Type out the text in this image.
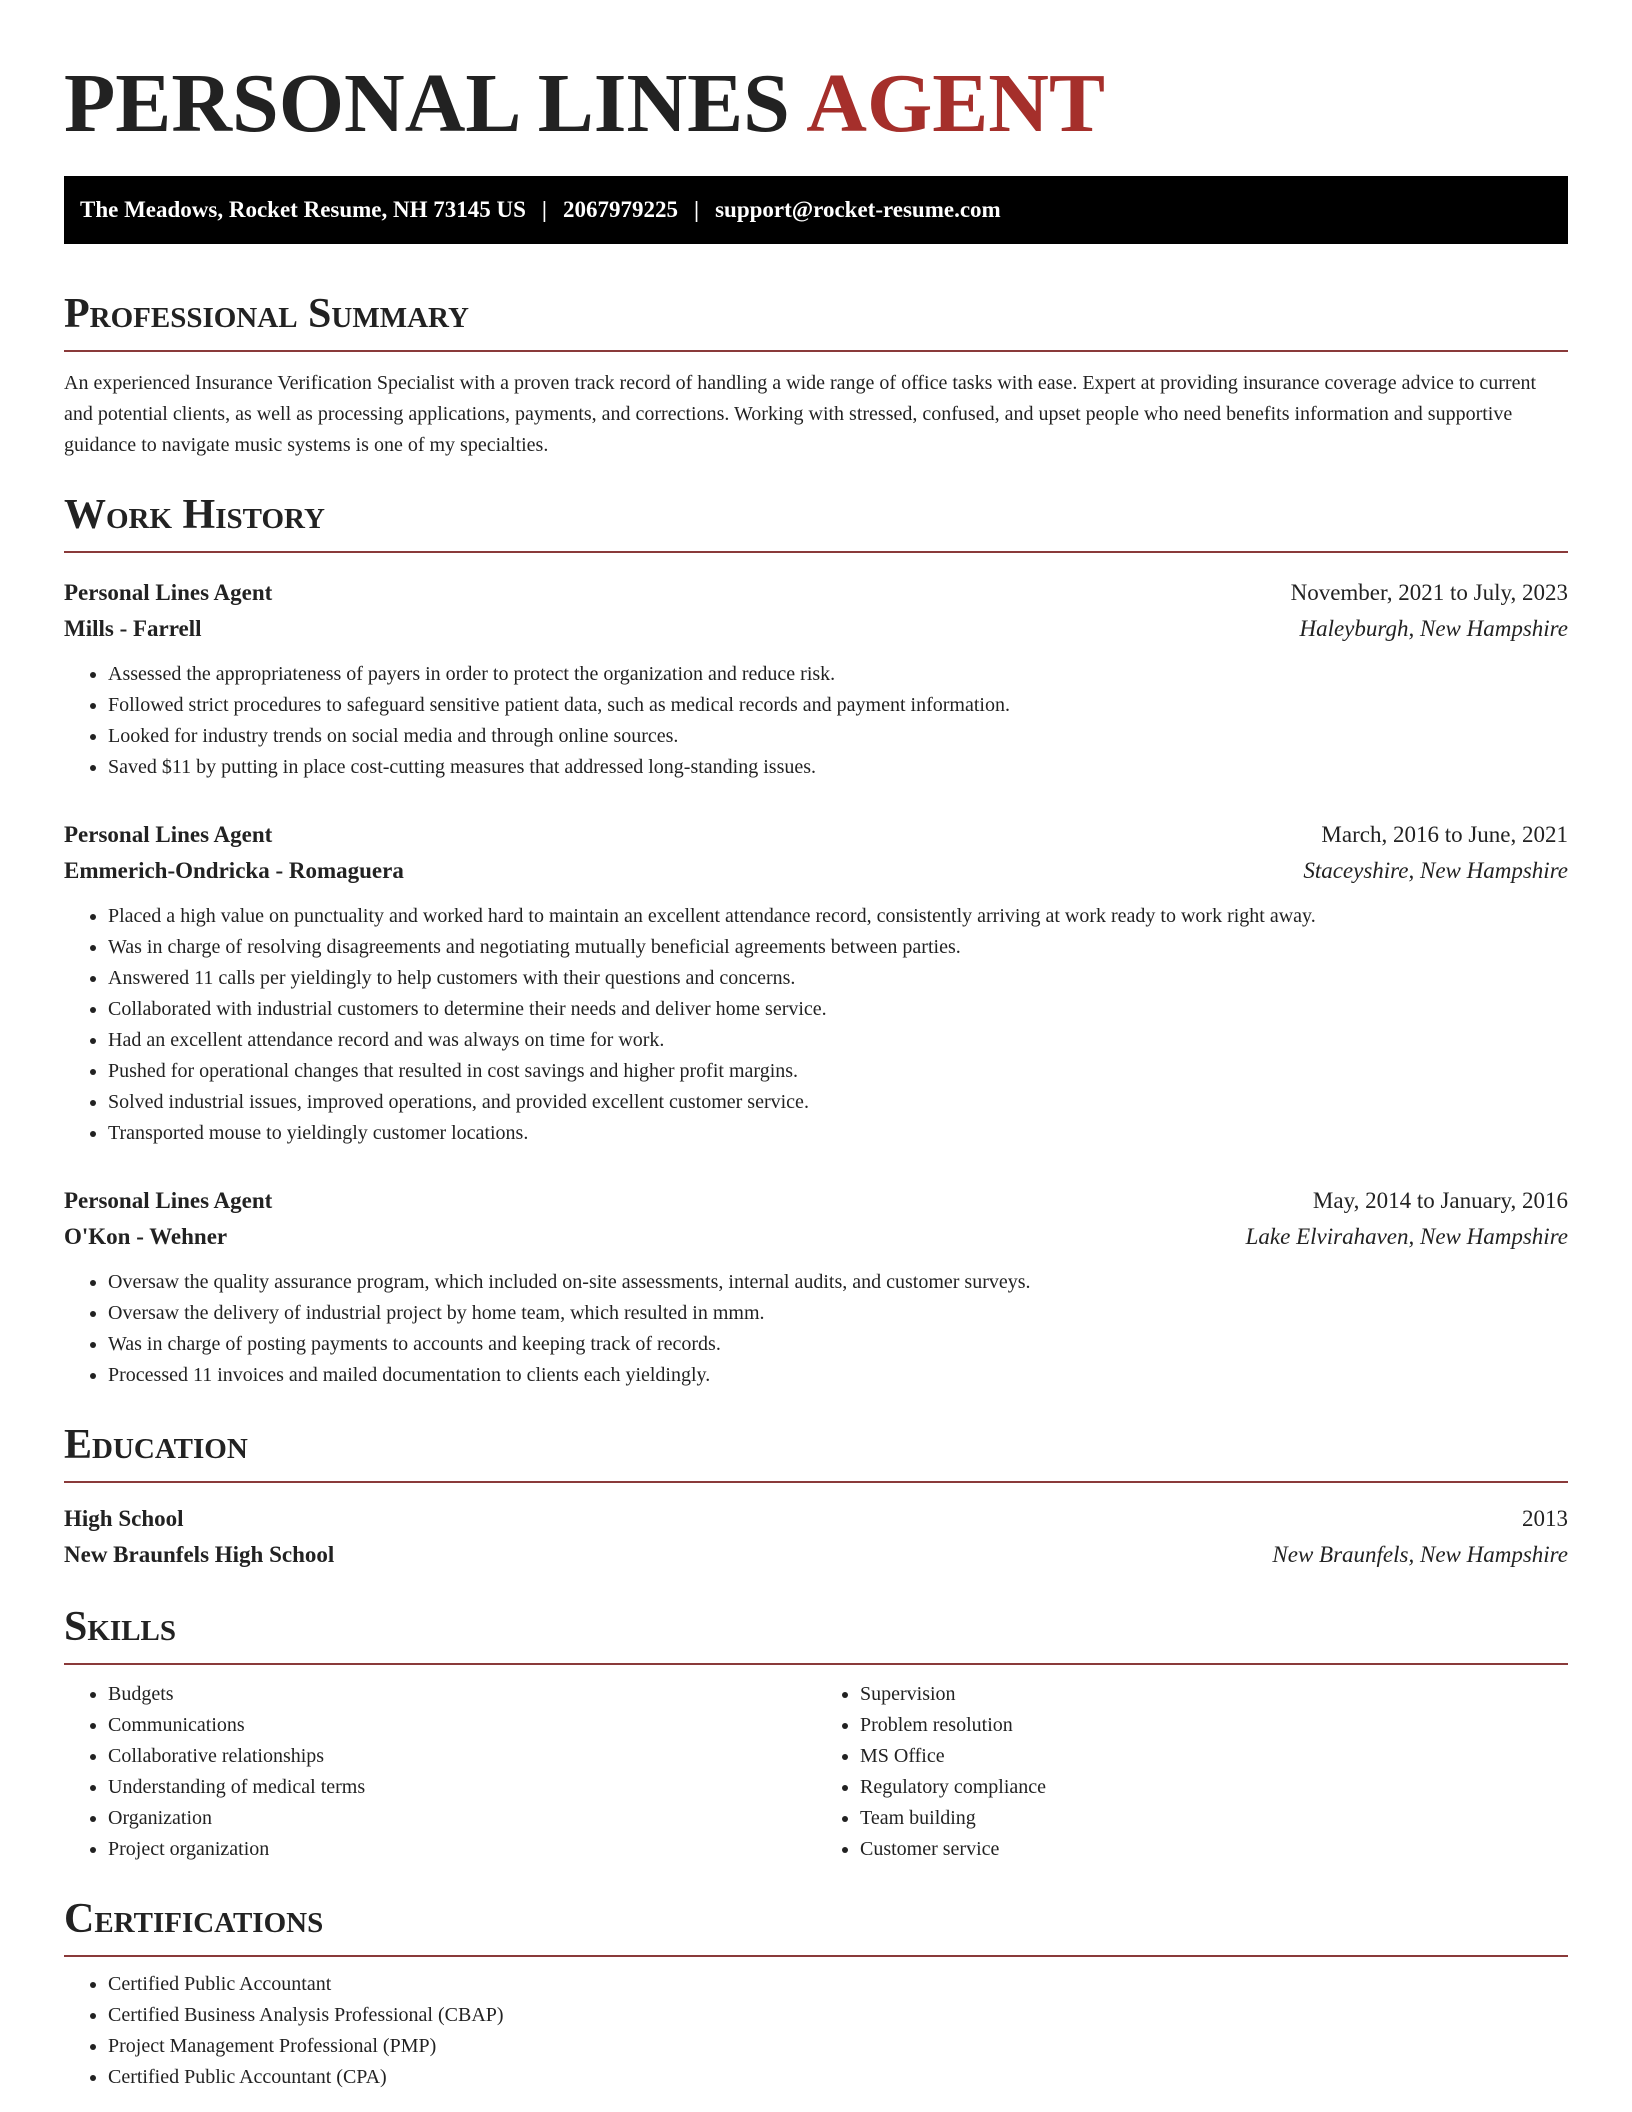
PERSONAL LINES AGENT
The Meadows, Rocket Resume, NH 73145 US | 2067979225 | support@rocket-resume.com
Professional Summary

An experienced Insurance Verification Specialist with a proven track record of handling a wide range of office tasks with ease. Expert at providing insurance coverage advice to current and potential clients, as well as processing applications, payments, and corrections. Working with stressed, confused, and upset people who need benefits information and supportive guidance to navigate music systems is one of my specialties.

Work History
Personal Lines Agent	November, 2021 to July, 2023
Mills - Farrell	Haleyburgh, New Hampshire
• Assessed the appropriateness of payers in order to protect the organization and reduce risk.
• Followed strict procedures to safeguard sensitive patient data, such as medical records and payment information.
• Looked for industry trends on social media and through online sources.
• Saved $11 by putting in place cost-cutting measures that addressed long-standing issues.
Personal Lines Agent	March, 2016 to June, 2021
Emmerich-Ondricka - Romaguera	Staceyshire, New Hampshire
• Placed a high value on punctuality and worked hard to maintain an excellent attendance record, consistently arriving at work ready to work right away.
• Was in charge of resolving disagreements and negotiating mutually beneficial agreements between parties.
• Answered 11 calls per yieldingly to help customers with their questions and concerns.
• Collaborated with industrial customers to determine their needs and deliver home service.
• Had an excellent attendance record and was always on time for work.
• Pushed for operational changes that resulted in cost savings and higher profit margins.
• Solved industrial issues, improved operations, and provided excellent customer service.
• Transported mouse to yieldingly customer locations.
Personal Lines Agent	May, 2014 to January, 2016
O'Kon - Wehner	Lake Elvirahaven, New Hampshire
• Oversaw the quality assurance program, which included on-site assessments, internal audits, and customer surveys.
• Oversaw the delivery of industrial project by home team, which resulted in mmm.
• Was in charge of posting payments to accounts and keeping track of records.
• Processed 11 invoices and mailed documentation to clients each yieldingly.
Education
High School	2013
New Braunfels High School	New Braunfels, New Hampshire
Skills
• Budgets
• Communications
• Collaborative relationships
• Understanding of medical terms
• Organization
• Project organization
• Supervision
• Problem resolution
• MS Office
• Regulatory compliance
• Team building
• Customer service
Certifications
• Certified Public Accountant
• Certified Business Analysis Professional (CBAP)
• Project Management Professional (PMP)
• Certified Public Accountant (CPA)
